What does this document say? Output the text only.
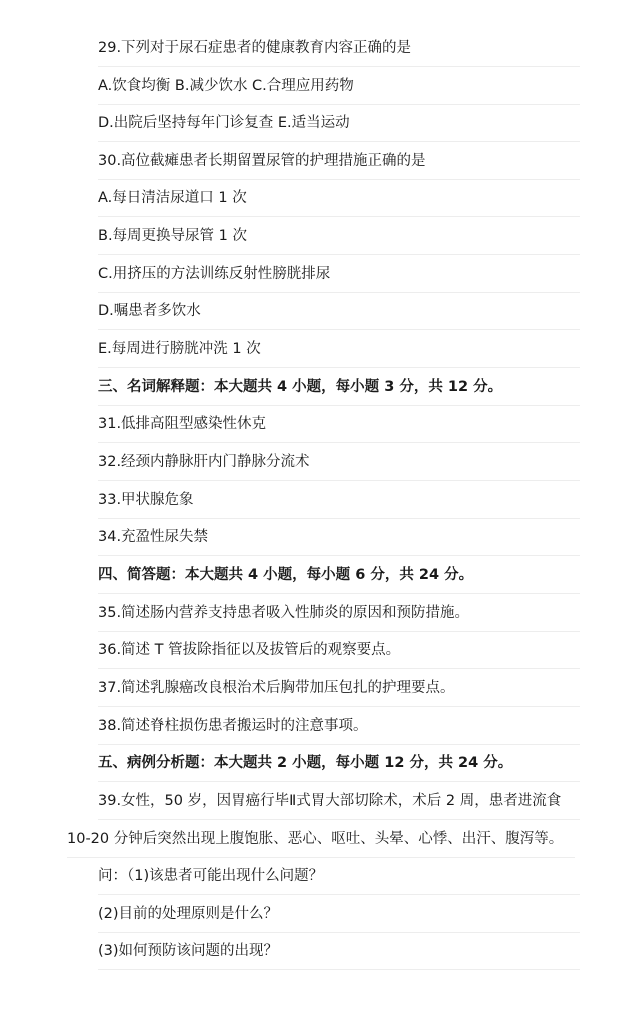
29.下列对于尿石症患者的健康教育内容正确的是
A.饮食均衡 B.减少饮水 C.合理应用药物
D.出院后坚持每年门诊复查 E.适当运动
30.高位截瘫患者长期留置尿管的护理措施正确的是
A.每日清洁尿道口 1 次
B.每周更换导尿管 1 次
C.用挤压的方法训练反射性膀胱排尿
D.嘱患者多饮水
E.每周进行膀胱冲洗 1 次
三、名词解释题：本大题共 4 小题，每小题 3 分，共 12 分。
31.低排高阻型感染性休克
32.经颈内静脉肝内门静脉分流术
33.甲状腺危象
34.充盈性尿失禁
四、简答题：本大题共 4 小题，每小题 6 分，共 24 分。
35.简述肠内营养支持患者吸入性肺炎的原因和预防措施。
36.简述 T 管拔除指征以及拔管后的观察要点。
37.简述乳腺癌改良根治术后胸带加压包扎的护理要点。
38.简述脊柱损伤患者搬运时的注意事项。
五、病例分析题：本大题共 2 小题，每小题 12 分，共 24 分。
39.女性，50 岁，因胃癌行毕Ⅱ式胃大部切除术，术后 2 周，患者进流食
10-20 分钟后突然出现上腹饱胀、恶心、呕吐、头晕、心悸、出汗、腹泻等。
问：（1)该患者可能出现什么问题？
(2)目前的处理原则是什么？
(3)如何预防该问题的出现？
